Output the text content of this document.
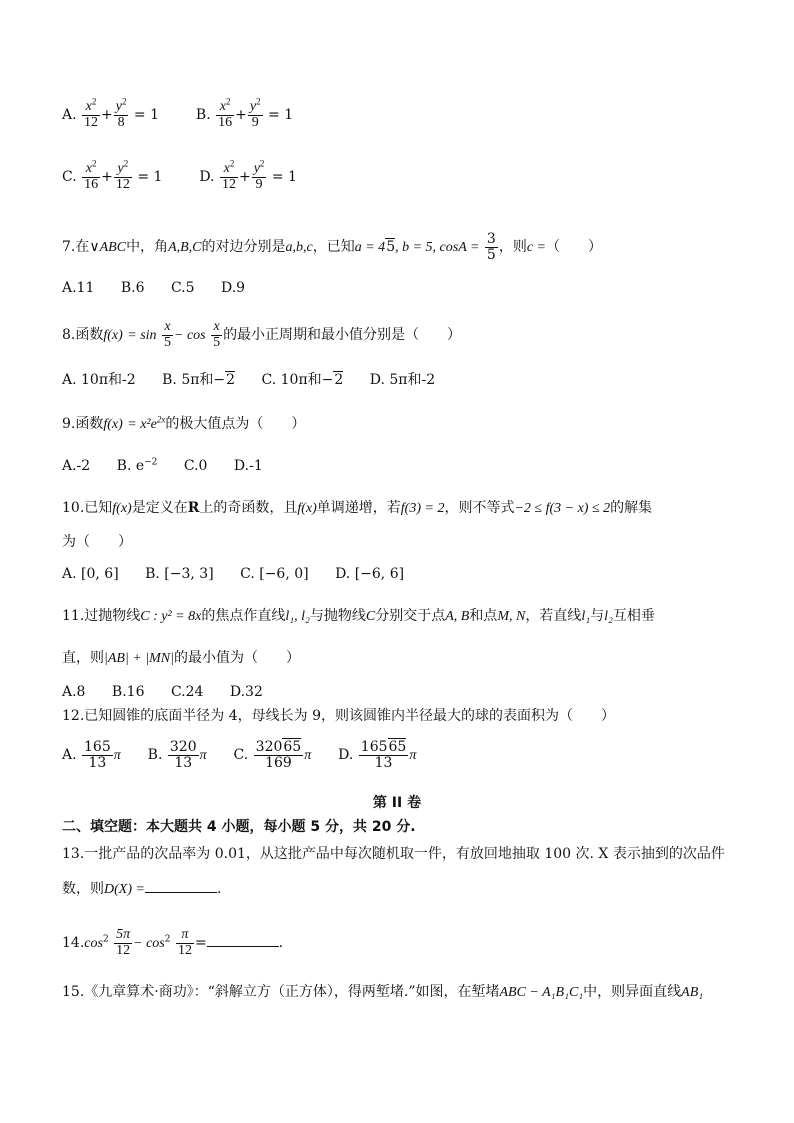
A. $\frac{x^2}{12} + \frac{y^2}{8} = 1$	B. $\frac{x^2}{16} + \frac{y^2}{9} = 1$
C. $\frac{x^2}{16} + \frac{y^2}{12} = 1$	D. $\frac{x^2}{12} + \frac{y^2}{9} = 1$
7.在∨ABC中，角A,B,C的对边分别是a,b,c，已知a = 45, b = 5, $\cos A = \frac{3}{5}$ ，则c =（　　）
A.11 B.6 C.5 D.9
8.函数$f(x) = \sin \frac{x}{5} - \cos \frac{x}{5}$ 的最小正周期和最小值分别是（　　）
A. 10π和-2 B. 5π和−2 C. 10π和−2 D. 5π和-2
9.函数$f(x) = x^2e^{2x}$的极大值点为（　　）
A.-2 B. $e^{-2}$ C.0 D.-1
10.已知f(x)是定义在R上的奇函数，且f(x)单调递增，若f(3) = 2，则不等式−2 ≤ f(3 − x) ≤ 2的解集
为（　　）
A. [0, 6] B. [−3, 3] C. [−6, 0] D. [−6, 6]
11.过抛物线C : y² = 8x的焦点作直线l₁, l₂与抛物线C分别交于点A, B和点M, N，若直线l₁与l₂互相垂
直，则|AB| + |MN|的最小值为（　　）
A.8 B.16 C.24 D.32
12.已知圆锥的底面半径为 4，母线长为 9，则该圆锥内半径最大的球的表面积为（　　）
A. $\frac{165}{13}$ π B. $\frac{320}{13}$ π C. $\frac{32065}{169}$ π D. $\frac{16565}{13}$ π
第 II 卷
二、填空题：本大题共 4 小题，每小题 5 分，共 20 分.
13.一批产品的次品率为 0.01，从这批产品中每次随机取一件，有放回地抽取 100 次. X 表示抽到的次品件
数，则D(X) =	.
$14.\cos^2 \frac{5\pi}{12} - \cos^2 \frac{\pi}{12}$ =	.
15.《九章算术·商功》：“斜解立方（正方体），得两堑堵.”如图，在堑堵ABC − A₁B₁C₁中，则异面直线AB₁
